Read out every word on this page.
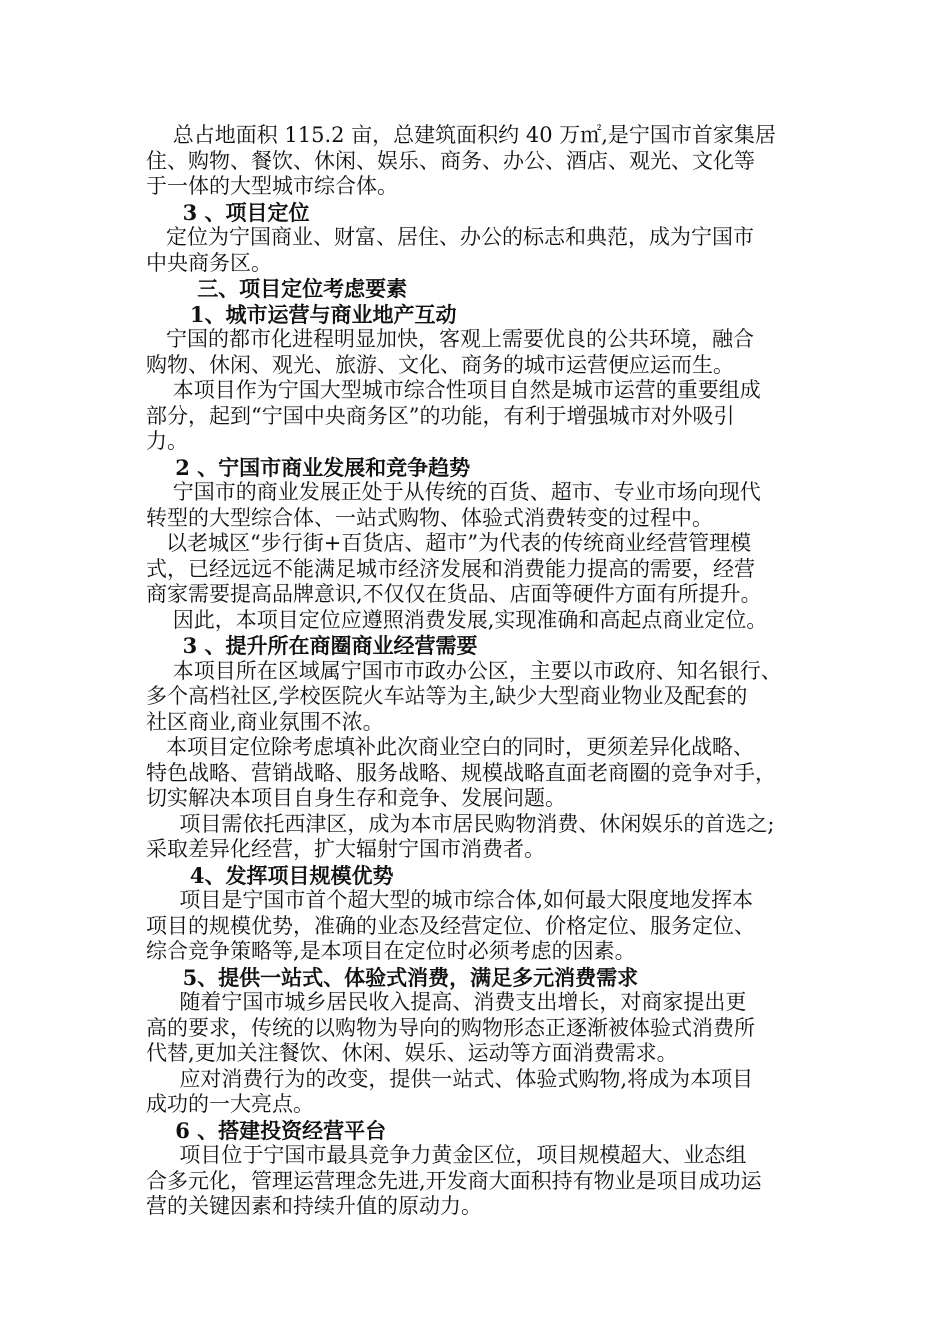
总占地面积 115.2 亩，总建筑面积约 40 万㎡,是宁国市首家集居

住、购物、餐饮、休闲、娱乐、商务、办公、酒店、观光、文化等

于一体的大型城市综合体。

3 、项目定位

定位为宁国商业、财富、居住、办公的标志和典范，成为宁国市

中央商务区。

三、项目定位考虑要素

1、城市运营与商业地产互动

宁国的都市化进程明显加快，客观上需要优良的公共环境，融合

购物、休闲、观光、旅游、文化、商务的城市运营便应运而生。

本项目作为宁国大型城市综合性项目自然是城市运营的重要组成

部分，起到“宁国中央商务区”的功能，有利于增强城市对外吸引

力。

2 、宁国市商业发展和竞争趋势

宁国市的商业发展正处于从传统的百货、超市、专业市场向现代

转型的大型综合体、一站式购物、体验式消费转变的过程中。

以老城区“步行街+百货店、超市”为代表的传统商业经营管理模

式，已经远远不能满足城市经济发展和消费能力提高的需要，经营

商家需要提高品牌意识,不仅仅在货品、店面等硬件方面有所提升。

因此，本项目定位应遵照消费发展,实现准确和高起点商业定位。

3 、提升所在商圈商业经营需要

本项目所在区域属宁国市市政办公区，主要以市政府、知名银行、

多个高档社区,学校医院火车站等为主,缺少大型商业物业及配套的

社区商业,商业氛围不浓。

本项目定位除考虑填补此次商业空白的同时，更须差异化战略、

特色战略、营销战略、服务战略、规模战略直面老商圈的竞争对手，

切实解决本项目自身生存和竞争、发展问题。

项目需依托西津区，成为本市居民购物消费、休闲娱乐的首选之;

采取差异化经营，扩大辐射宁国市消费者。

4、发挥项目规模优势

项目是宁国市首个超大型的城市综合体,如何最大限度地发挥本

项目的规模优势，准确的业态及经营定位、价格定位、服务定位、

综合竞争策略等,是本项目在定位时必须考虑的因素。

5、提供一站式、体验式消费，满足多元消费需求

随着宁国市城乡居民收入提高、消费支出增长，对商家提出更

高的要求，传统的以购物为导向的购物形态正逐渐被体验式消费所

代替,更加关注餐饮、休闲、娱乐、运动等方面消费需求。

应对消费行为的改变，提供一站式、体验式购物,将成为本项目

成功的一大亮点。

6 、搭建投资经营平台

项目位于宁国市最具竞争力黄金区位，项目规模超大、业态组

合多元化，管理运营理念先进,开发商大面积持有物业是项目成功运

营的关键因素和持续升值的原动力。
